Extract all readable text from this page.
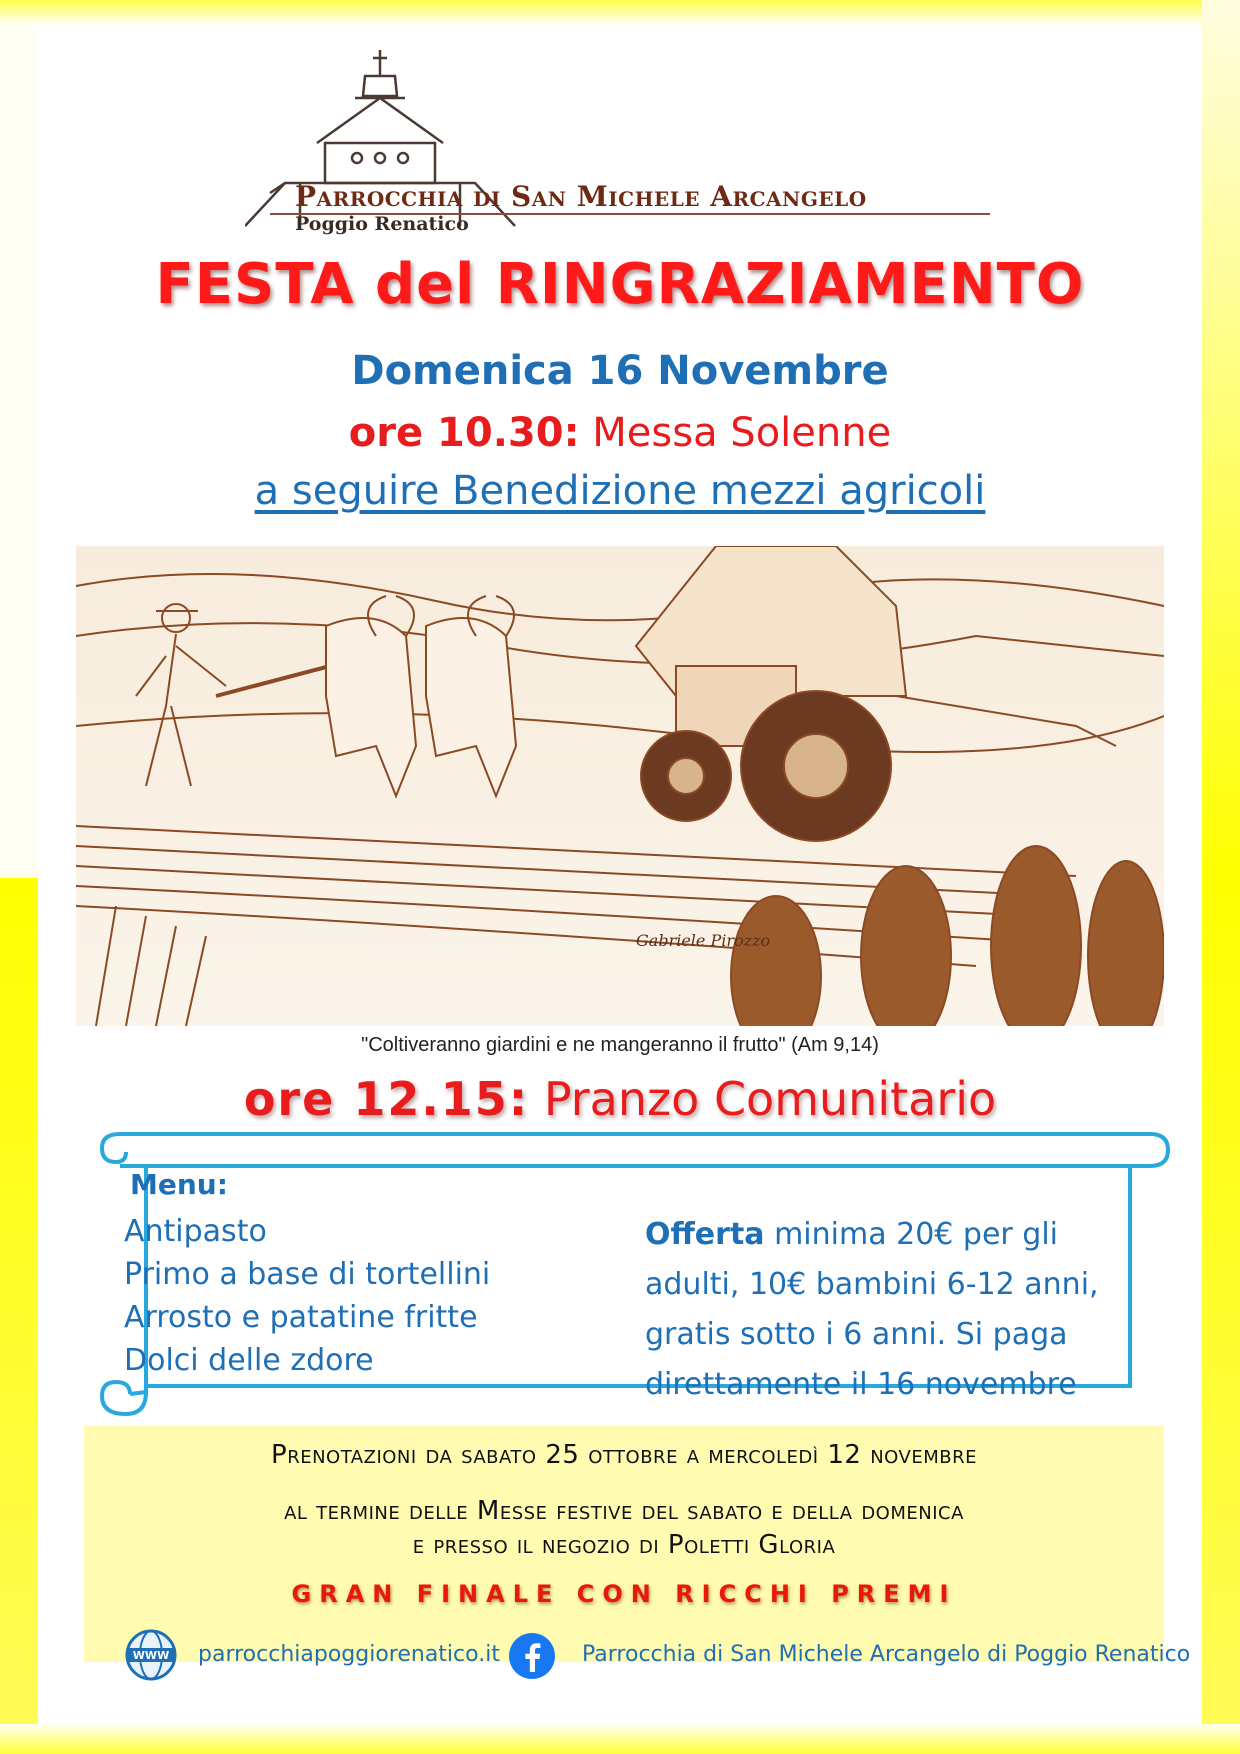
Parrocchia di San Michele Arcangelo
Poggio Renatico
FESTA del RINGRAZIAMENTO
Domenica 16 Novembre
ore 10.30: Messa Solenne
a seguire Benedizione mezzi agricoli
Gabriele Pirozzo
"Coltiveranno giardini e ne mangeranno il frutto" (Am 9,14)
ore 12.15: Pranzo Comunitario
Menu:
Antipasto
Primo a base di tortellini
Arrosto e patatine fritte
Dolci delle zdore
Offerta minima 20€ per gli adulti, 10€ bambini 6-12 anni, gratis sotto i 6 anni. Si paga direttamente il 16 novembre
Prenotazioni da sabato 25 ottobre a mercoledì 12 novembre
al termine delle Messe festive del sabato e della domenica
e presso il negozio di Poletti Gloria
GRAN FINALE CON RICCHI PREMI
WWW parrocchiapoggiorenatico.it	Parrocchia di San Michele Arcangelo di Poggio Renatico
